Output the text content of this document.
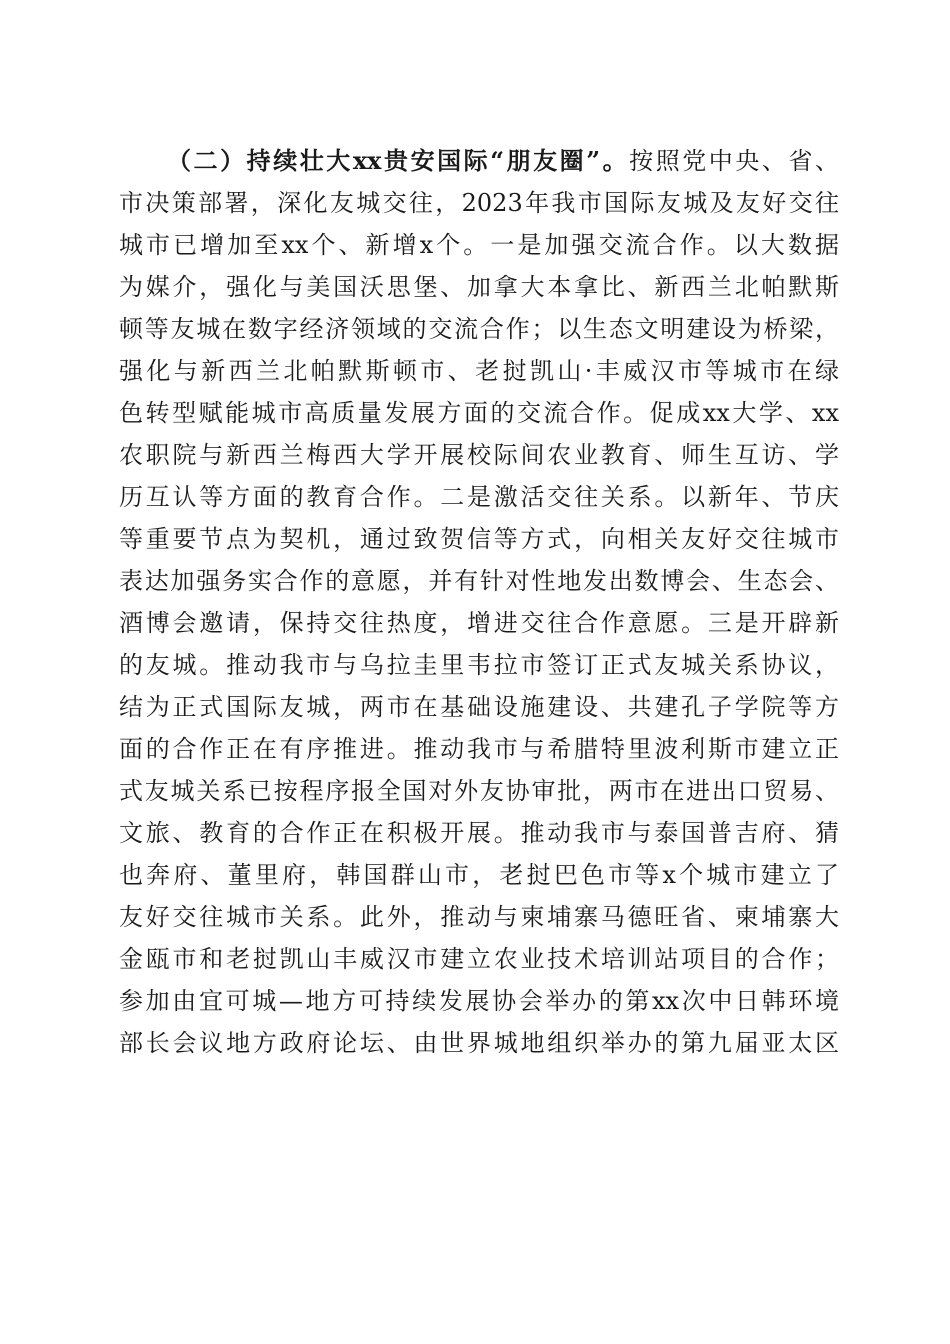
（二）持续壮大xx贵安国际“朋友圈”。按照党中央、省、
市决策部署，深化友城交往，2023年我市国际友城及友好交往
城市已增加至xx个、新增x个。一是加强交流合作。以大数据
为媒介，强化与美国沃思堡、加拿大本拿比、新西兰北帕默斯
顿等友城在数字经济领域的交流合作；以生态文明建设为桥梁，
强化与新西兰北帕默斯顿市、老挝凯山·丰威汉市等城市在绿
色转型赋能城市高质量发展方面的交流合作。促成xx大学、xx
农职院与新西兰梅西大学开展校际间农业教育、师生互访、学
历互认等方面的教育合作。二是激活交往关系。以新年、节庆
等重要节点为契机，通过致贺信等方式，向相关友好交往城市
表达加强务实合作的意愿，并有针对性地发出数博会、生态会、
酒博会邀请，保持交往热度，增进交往合作意愿。三是开辟新
的友城。推动我市与乌拉圭里韦拉市签订正式友城关系协议，
结为正式国际友城，两市在基础设施建设、共建孔子学院等方
面的合作正在有序推进。推动我市与希腊特里波利斯市建立正
式友城关系已按程序报全国对外友协审批，两市在进出口贸易、
文旅、教育的合作正在积极开展。推动我市与泰国普吉府、猜
也奔府、董里府，韩国群山市，老挝巴色市等x个城市建立了
友好交往城市关系。此外，推动与柬埔寨马德旺省、柬埔寨大
金瓯市和老挝凯山丰威汉市建立农业技术培训站项目的合作；
参加由宜可城—地方可持续发展协会举办的第xx次中日韩环境
部长会议地方政府论坛、由世界城地组织举办的第九届亚太区
